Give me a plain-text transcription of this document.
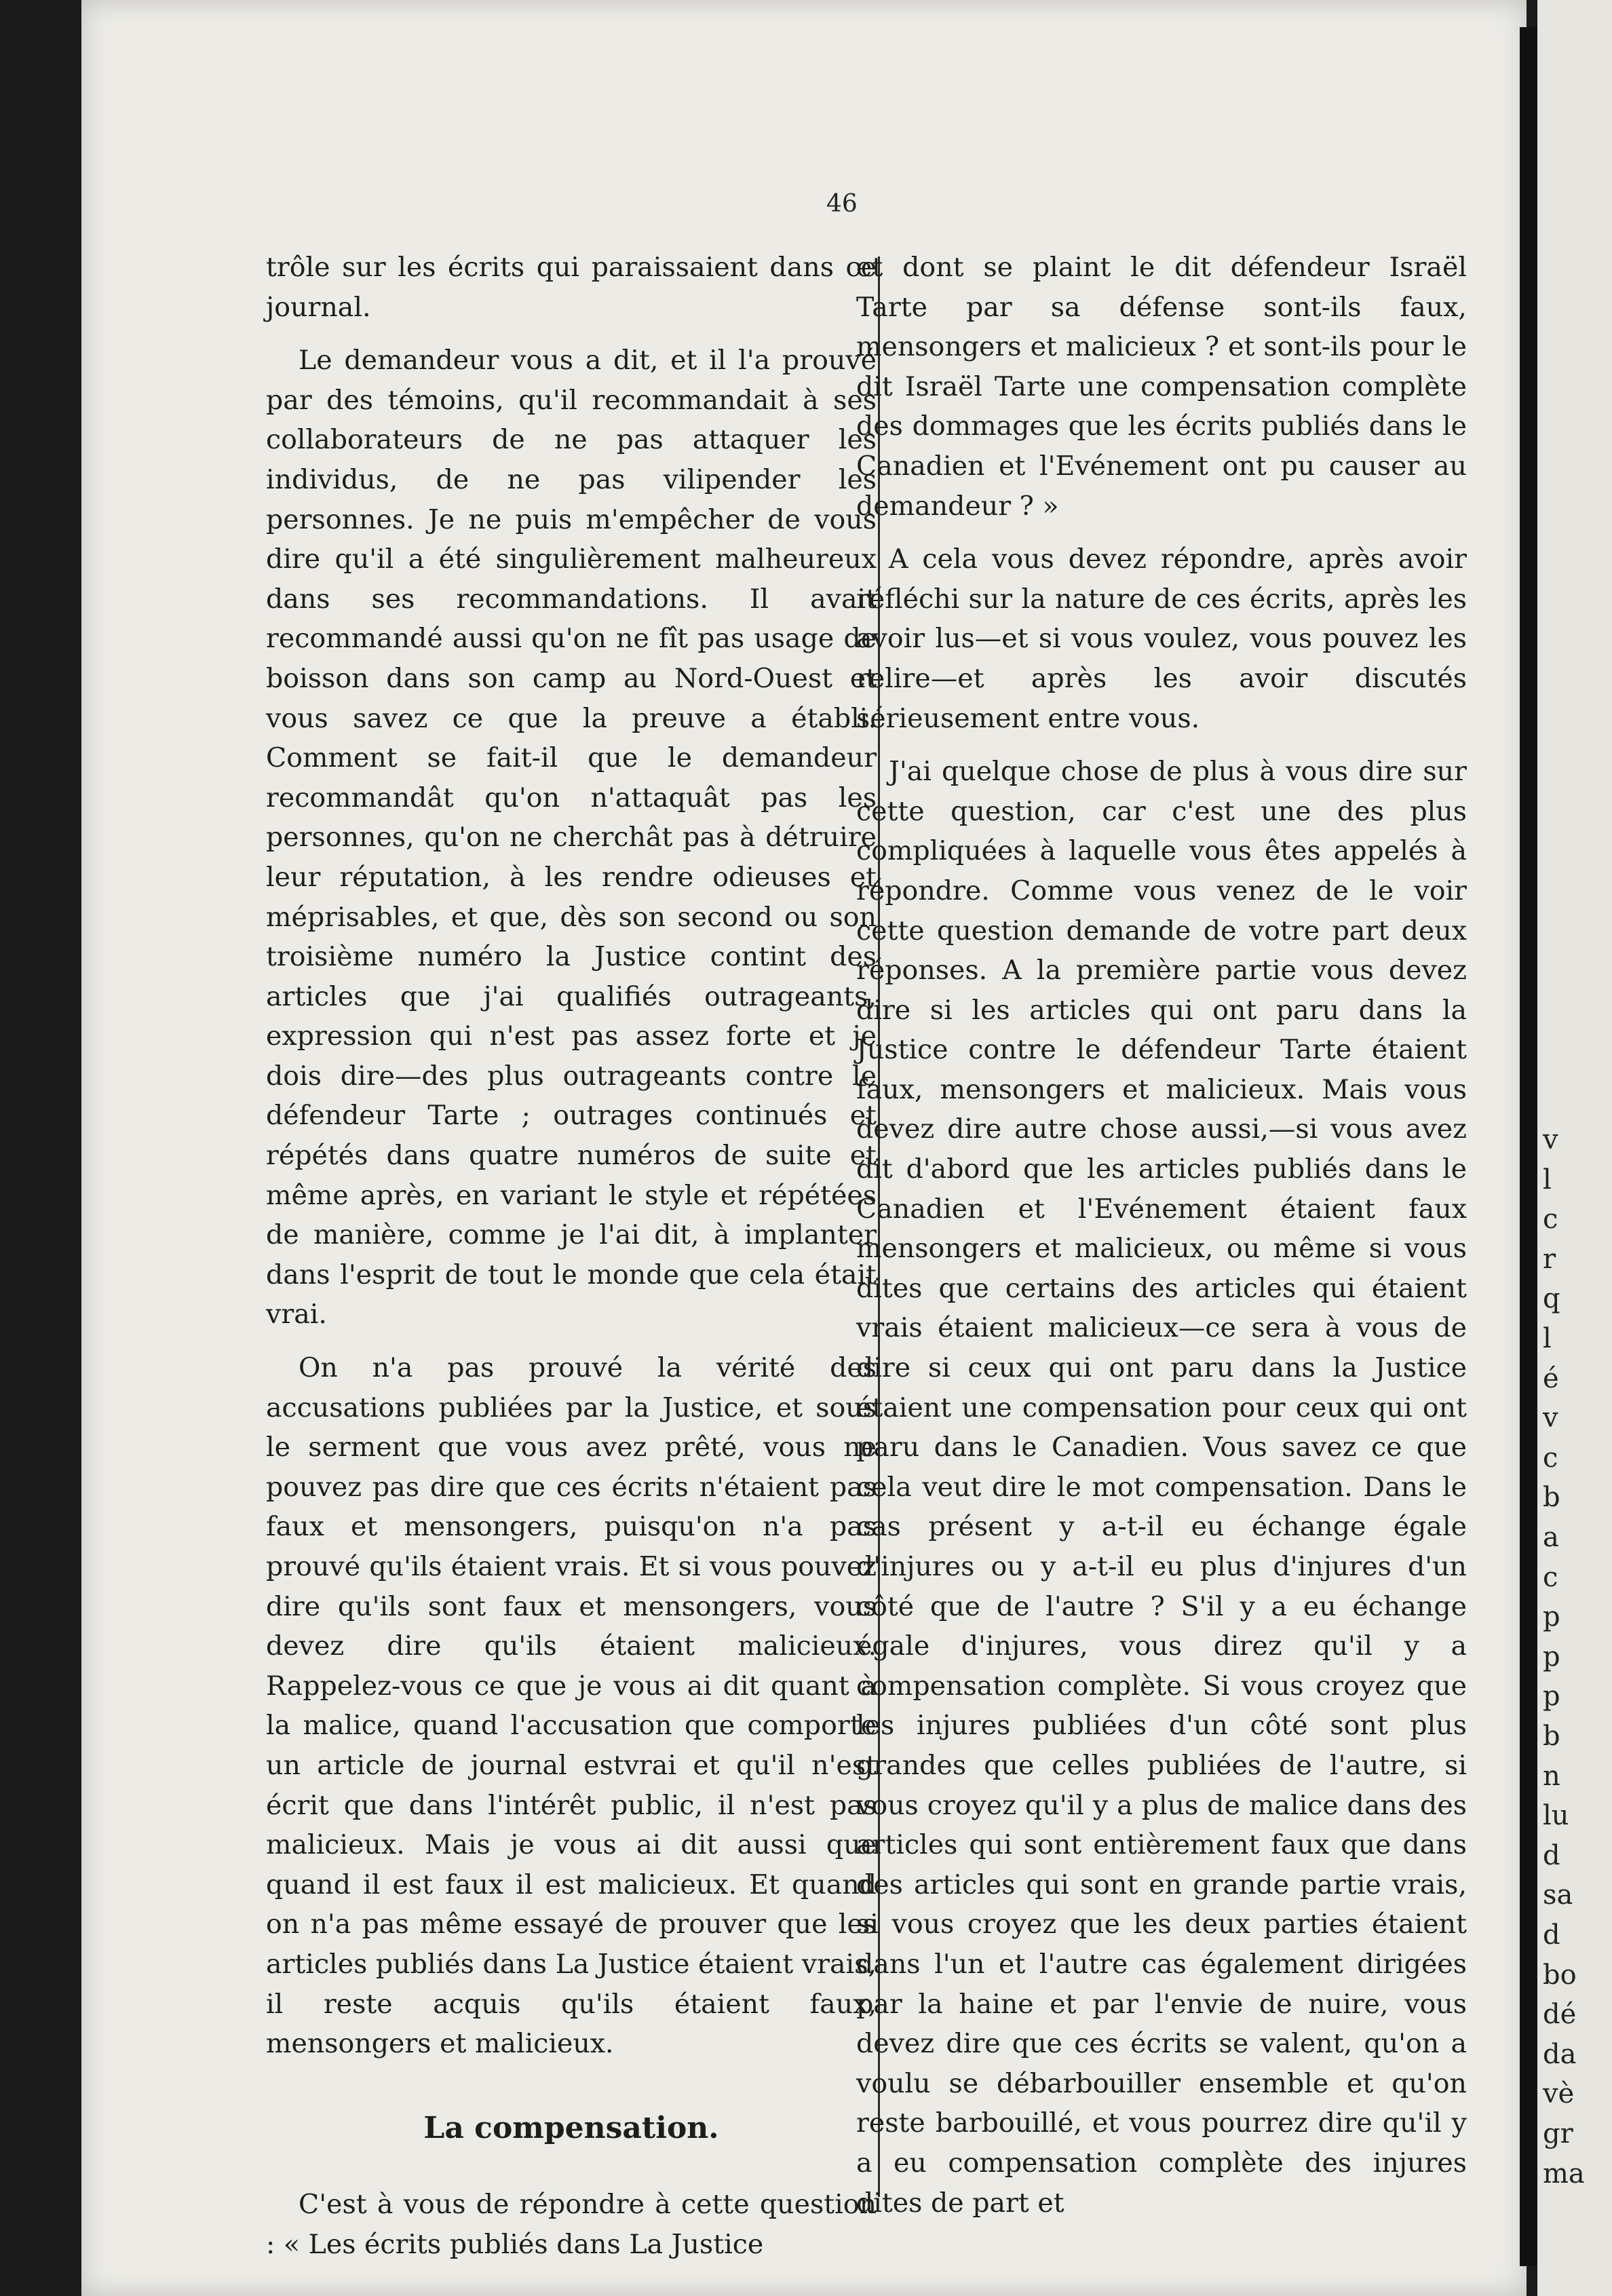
v
l
c
r
q
l
é
v
c
b
a
c
p
p
p
b
n
lu
d
sa
d
bo
dé
da
vè
gr
ma
46

trôle sur les écrits qui paraissaient dans ce journal.

Le demandeur vous a dit, et il l'a prouvé par des témoins, qu'il recommandait à ses collaborateurs de ne pas attaquer les individus, de ne pas vilipender les personnes. Je ne puis m'empêcher de vous dire qu'il a été singulièrement malheureux dans ses recommandations. Il avait recommandé aussi qu'on ne fît pas usage de boisson dans son camp au Nord-Ouest et vous savez ce que la preuve a établi. Comment se fait-il que le demandeur recommandât qu'on n'attaquât pas les personnes, qu'on ne cherchât pas à détruire leur réputation, à les rendre odieuses et méprisables, et que, dès son second ou son troisième numéro la Justice contint des articles que j'ai qualifiés outrageants, expression qui n'est pas assez forte et je dois dire—des plus outrageants contre le défendeur Tarte ; outrages continués et répétés dans quatre numéros de suite et même après, en variant le style et répétées de manière, comme je l'ai dit, à implanter dans l'esprit de tout le monde que cela était vrai.

On n'a pas prouvé la vérité des accusations publiées par la Justice, et sous le serment que vous avez prêté, vous ne pouvez pas dire que ces écrits n'étaient pas faux et mensongers, puisqu'on n'a pas prouvé qu'ils étaient vrais. Et si vous pouvez dire qu'ils sont faux et mensongers, vous devez dire qu'ils étaient malicieux. Rappelez-vous ce que je vous ai dit quant à la malice, quand l'accusation que comporte un article de journal estvrai et qu'il n'est écrit que dans l'intérêt public, il n'est pas malicieux. Mais je vous ai dit aussi que quand il est faux il est malicieux. Et quand on n'a pas même essayé de prouver que les articles publiés dans La Justice étaient vrais, il reste acquis qu'ils étaient faux, mensongers et malicieux.

La compensation.

C'est à vous de répondre à cette question : « Les écrits publiés dans La Justice

et dont se plaint le dit défendeur Israël Tarte par sa défense sont-ils faux, mensongers et malicieux ? et sont-ils pour le dit Israël Tarte une compensation complète des dommages que les écrits publiés dans le Canadien et l'Evénement ont pu causer au demandeur ? »

A cela vous devez répondre, après avoir réfléchi sur la nature de ces écrits, après les avoir lus—et si vous voulez, vous pouvez les relire—et après les avoir discutés sérieusement entre vous.

J'ai quelque chose de plus à vous dire sur cette question, car c'est une des plus compliquées à laquelle vous êtes appelés à répondre. Comme vous venez de le voir cette question demande de votre part deux réponses. A la première partie vous devez dire si les articles qui ont paru dans la Justice contre le défendeur Tarte étaient faux, mensongers et malicieux. Mais vous devez dire autre chose aussi,—si vous avez dit d'abord que les articles publiés dans le Canadien et l'Evénement étaient faux mensongers et malicieux, ou même si vous dites que certains des articles qui étaient vrais étaient malicieux—ce sera à vous de dire si ceux qui ont paru dans la Justice étaient une compensation pour ceux qui ont paru dans le Canadien. Vous savez ce que cela veut dire le mot compensation. Dans le cas présent y a-t-il eu échange égale d'injures ou y a-t-il eu plus d'injures d'un côté que de l'autre ? S'il y a eu échange égale d'injures, vous direz qu'il y a compensation complète. Si vous croyez que les injures publiées d'un côté sont plus grandes que celles publiées de l'autre, si vous croyez qu'il y a plus de malice dans des articles qui sont entièrement faux que dans des articles qui sont en grande partie vrais, si vous croyez que les deux parties étaient dans l'un et l'autre cas également dirigées par la haine et par l'envie de nuire, vous devez dire que ces écrits se valent, qu'on a voulu se débarbouiller ensemble et qu'on reste barbouillé, et vous pourrez dire qu'il y a eu compensation complète des injures dites de part et
